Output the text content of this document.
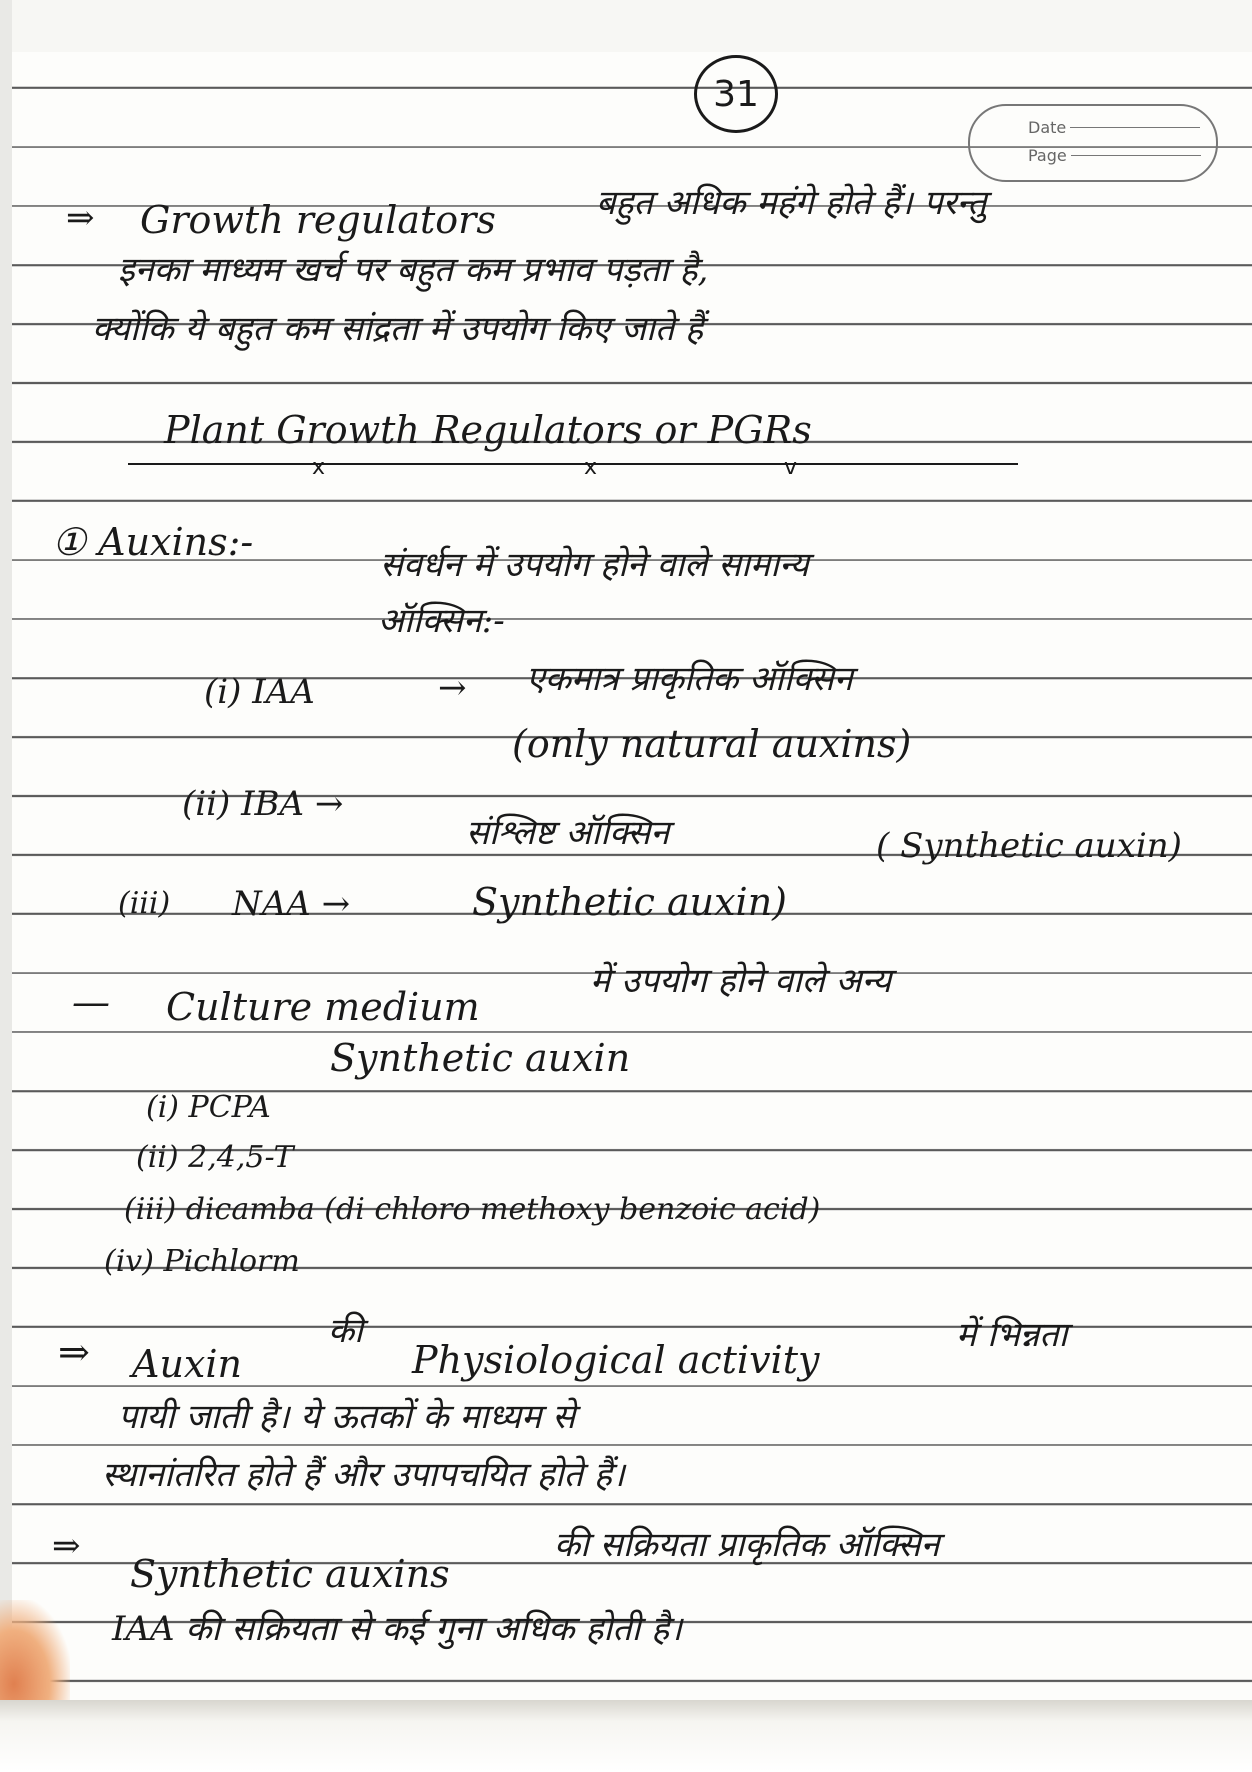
31
Date
Page
⇒ Growth regulators	बहुत अधिक महंगे होते हैं। परन्तु
इनका माध्यम खर्च पर बहुत कम प्रभाव पड़ता है,
क्योंकि ये बहुत कम सांद्रता में उपयोग किए जाते हैं
Plant Growth Regulators or PGRs
x	x	v
① Auxins:-
संवर्धन में उपयोग होने वाले सामान्य
ऑक्सिन:-
(i) IAA	→ एकमात्र प्राकृतिक ऑक्सिन
(only natural auxins)
(ii) IBA →
संश्लिष्ट ऑक्सिन	( Synthetic auxin)
(iii) NAA →	Synthetic auxin)
— Culture medium
में उपयोग होने वाले अन्य
Synthetic auxin
(i) PCPA
(ii) 2,4,5-T
(iii) dicamba (di chloro methoxy benzoic acid)
(iv) Pichlorm
⇒ Auxin
की
Physiological activity
में भिन्नता
पायी जाती है। ये ऊतकों के माध्यम से
स्थानांतरित होते हैं और उपापचयित होते हैं।
⇒
Synthetic auxins
की सक्रियता प्राकृतिक ऑक्सिन
IAA की सक्रियता से कई गुना अधिक होती है।
